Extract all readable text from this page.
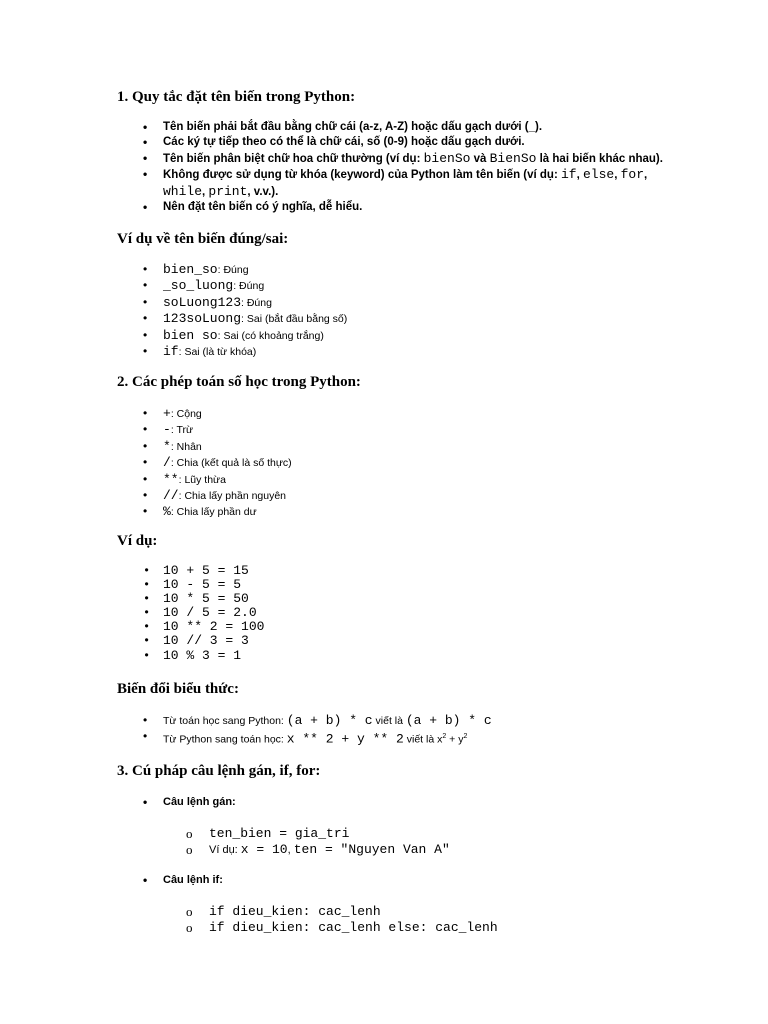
1. Quy tắc đặt tên biến trong Python:
• Tên biến phải bắt đầu bằng chữ cái (a-z, A-Z) hoặc dấu gạch dưới (_).
• Các ký tự tiếp theo có thể là chữ cái, số (0-9) hoặc dấu gạch dưới.
• Tên biến phân biệt chữ hoa chữ thường (ví dụ: bienSo và BienSo là hai biến khác nhau).
• Không được sử dụng từ khóa (keyword) của Python làm tên biến (ví dụ: if, else, for,
while, print, v.v.).
• Nên đặt tên biến có ý nghĩa, dễ hiểu.
Ví dụ về tên biến đúng/sai:
• bien_so: Đúng
• _so_luong: Đúng
• soLuong123: Đúng
• 123soLuong: Sai (bắt đầu bằng số)
• bien so: Sai (có khoảng trắng)
• if: Sai (là từ khóa)
2. Các phép toán số học trong Python:
• +: Cộng
• -: Trừ
• *: Nhân
• /: Chia (kết quả là số thực)
• **: Lũy thừa
• //: Chia lấy phần nguyên
• %: Chia lấy phần dư
Ví dụ:
• 10 + 5 = 15
• 10 - 5 = 5
• 10 * 5 = 50
• 10 / 5 = 2.0
• 10 ** 2 = 100
• 10 // 3 = 3
• 10 % 3 = 1
Biến đổi biểu thức:
• Từ toán học sang Python: (a + b) * c viết là (a + b) * c
• Từ Python sang toán học: x ** 2 + y ** 2 viết là $x^2 + y^2$
3. Cú pháp câu lệnh gán, if, for:
• Câu lệnh gán:
o ten_bien = gia_tri
o Ví dụ: x = 10, ten = "Nguyen Van A"
• Câu lệnh if:
o if dieu_kien: cac_lenh
o if dieu_kien: cac_lenh else: cac_lenh
